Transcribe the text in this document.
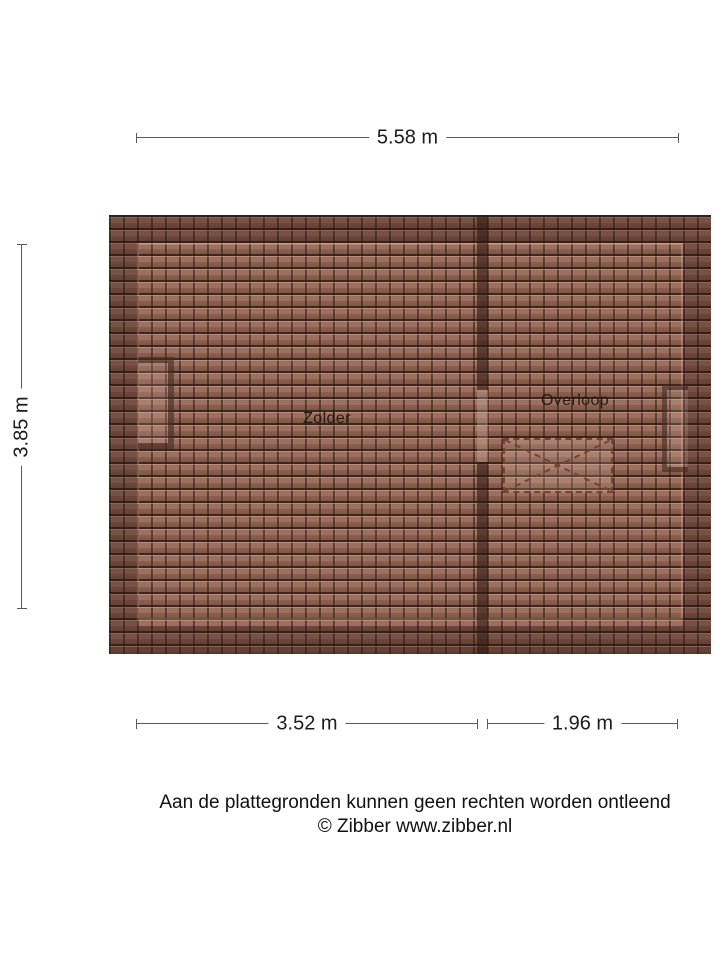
5.58 m
3.85 m	Zolder
Overloop
3.52 m	1.96 m
Aan de plattegronden kunnen geen rechten worden ontleend
© Zibber www.zibber.nl
